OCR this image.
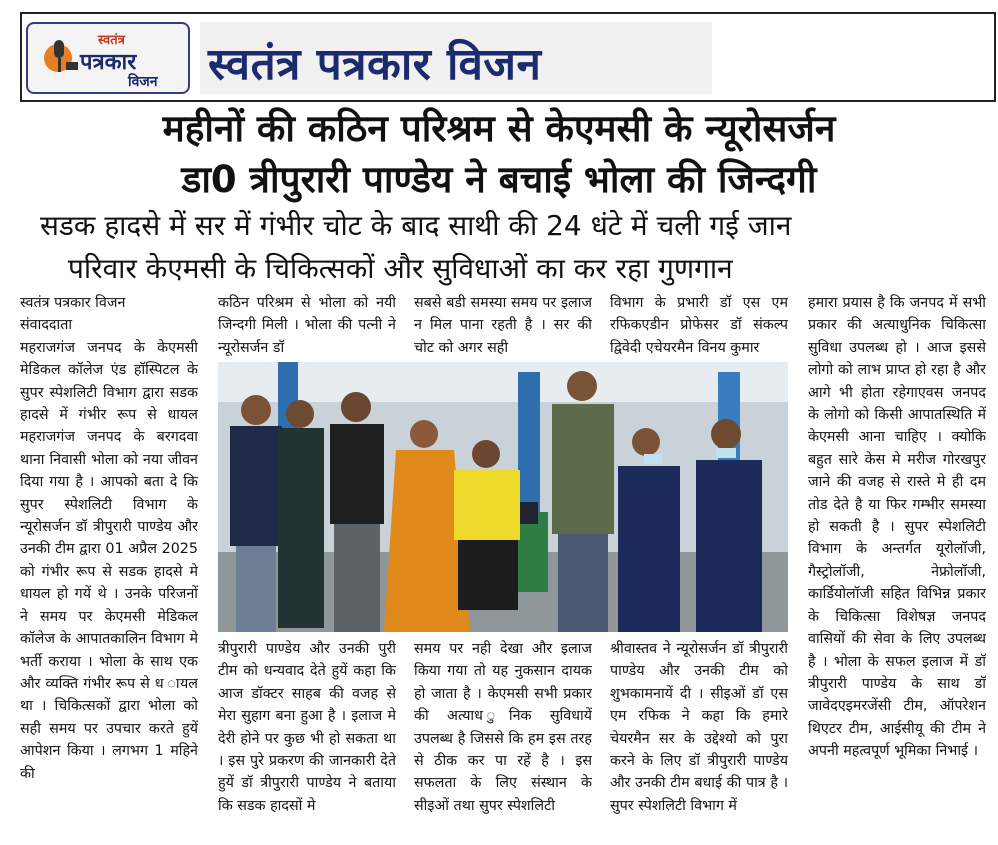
स्वतंत्र
पत्रकार
विजन स्वतंत्र पत्रकार विजन
महीनों की कठिन परिश्रम से केएमसी के न्यूरोसर्जन
डा0 त्रीपुरारी पाण्डेय ने बचाई भोला की जिन्दगी
सडक हादसे में सर में गंभीर चोट के बाद साथी की 24 धंटे में चली गई जान
परिवार केएमसी के चिकित्सकों और सुविधाओं का कर रहा गुणगान

स्वतंत्र पत्रकार विजन

संवाददाता

महराजगंज जनपद के केएमसी मेडिकल कॉलेज एंड हॉस्पिटल के सुपर स्पेशलिटी विभाग द्वारा सडक हादसे में गंभीर रूप से धायल महराजगंज जनपद के बरगदवा थाना निवासी भोला को नया जीवन दिया गया है । आपको बता दे कि सुपर स्पेशलिटी विभाग के न्यूरोसर्जन डॉ त्रीपुरारी पाण्डेय और उनकी टीम द्वारा 01 अप्रैल 2025 को गंभीर रूप से सडक हादसे मे धायल हो गयें थे । उनके परिजनों ने समय पर केएमसी मेडिकल कॉलेज के आपातकालिन विभाग मे भर्ती कराया । भोला के साथ एक और व्यक्ति गंभीर रूप से ध ायल था । चिकित्सकों द्वारा भोला को सही समय पर उपचार करते हुयें आपेशन किया । लगभग 1 महिने की

कठिन परिश्रम से भोला को नयी जिन्दगी मिली । भोला की पत्नी ने न्यूरोसर्जन डॉ

सबसे बडी समस्या समय पर इलाज न मिल पाना रहती है । सर की चोट को अगर सही

विभाग के प्रभारी डॉ एस एम रफिकएडीन प्रोफेसर डॉ संकल्प द्विवेदी एचेयरमैन विनय कुमार

त्रीपुरारी पाण्डेय और उनकी पुरी टीम को धन्यवाद देते हुयें कहा कि आज डॉक्टर साहब की वजह से मेरा सुहाग बना हुआ है । इलाज मे देरी होने पर कुछ भी हो सकता था । इस पुरे प्रकरण की जानकारी देते हुयें डॉ त्रीपुरारी पाण्डेय ने बताया कि सडक हादसों मे

समय पर नही देखा और इलाज किया गया तो यह नुकसान दायक हो जाता है । केएमसी सभी प्रकार की अत्याध ुनिक सुविधायें उपलब्ध है जिससे कि हम इस तरह से ठीक कर पा रहें है । इस सफलता के लिए संस्थान के सीइओं तथा सुपर स्पेशलिटी

श्रीवास्तव ने न्यूरोसर्जन डॉ त्रीपुरारी पाण्डेय और उनकी टीम को शुभकामनायें दी । सीइओं डॉ एस एम रफिक ने कहा कि हमारे चेयरमैन सर के उद्देश्यो को पुरा करने के लिए डॉ त्रीपुरारी पाण्डेय और उनकी टीम बधाई की पात्र है । सुपर स्पेशलिटी विभाग में

हमारा प्रयास है कि जनपद में सभी प्रकार की अत्याधुनिक चिकित्सा सुविधा उपलब्ध हो । आज इससे लोगो को लाभ प्राप्त हो रहा है और आगे भी होता रहेगाएवस जनपद के लोगो को किसी आपातस्थिति में केएमसी आना चाहिए । क्योकि बहुत सारे केस मे मरीज गोरखपुर जाने की वजह से रास्ते मे ही दम तोड देते है या फिर गम्भीर समस्या हो सकती है । सुपर स्पेशलिटी विभाग के अन्तर्गत यूरोलॉजी, गैस्ट्रोलॉजी, नेफ्रोलॉजी, कार्डियोलॉजी सहित विभिन्न प्रकार के चिकित्सा विशेषज्ञ जनपद वासियों की सेवा के लिए उपलब्ध है । भोला के सफल इलाज में डॉ त्रीपुरारी पाण्डेय के साथ डॉ जावेदएइमरजेंसी टीम, ऑपरेशन थिएटर टीम, आईसीयू की टीम ने अपनी महत्वपूर्ण भूमिका निभाई ।
